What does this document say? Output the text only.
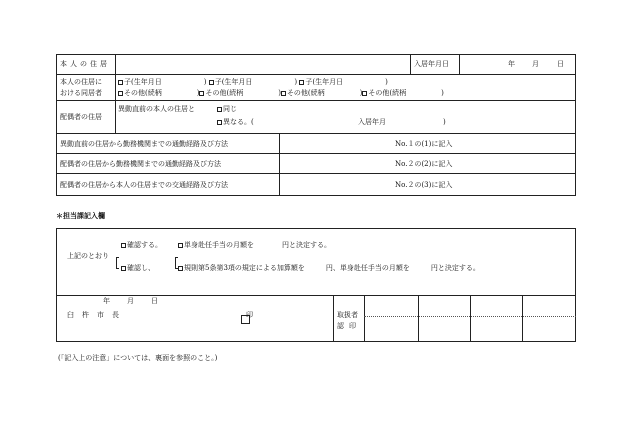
本人の住居	入居年月日	年 月	日
本人の住居に
おける同居者
子(生年月日　　　　　　) 子(生年月日　　　　　　) 子(生年月日　　　　　　)
その他(続柄　　　　　) その他(続柄　　　　　) その他(続柄　　　　　) その他(続柄　　　　　)
配偶者の住居
異動直前の本人の住居と	同じ
異なる。(	入居年月	)
異動直前の住居から勤務機関までの通勤経路及び方法	No.１の(1)に記入
配偶者の住居から勤務機関までの通勤経路及び方法	No.２の(2)に記入
配偶者の住居から本人の住居までの交通経路及び方法	No.２の(3)に記入
＊担当課記入欄
上記のとおり
確認する。	単身赴任手当の月額を　　　　円と決定する。
確認し、	規則第5条第3項の規定による加算額を　　　円、単身赴任手当の月額を　　　円と決定する。
年 月 日
臼杵市長	印	取扱者
認印
(「記入上の注意」については、裏面を参照のこと。)
